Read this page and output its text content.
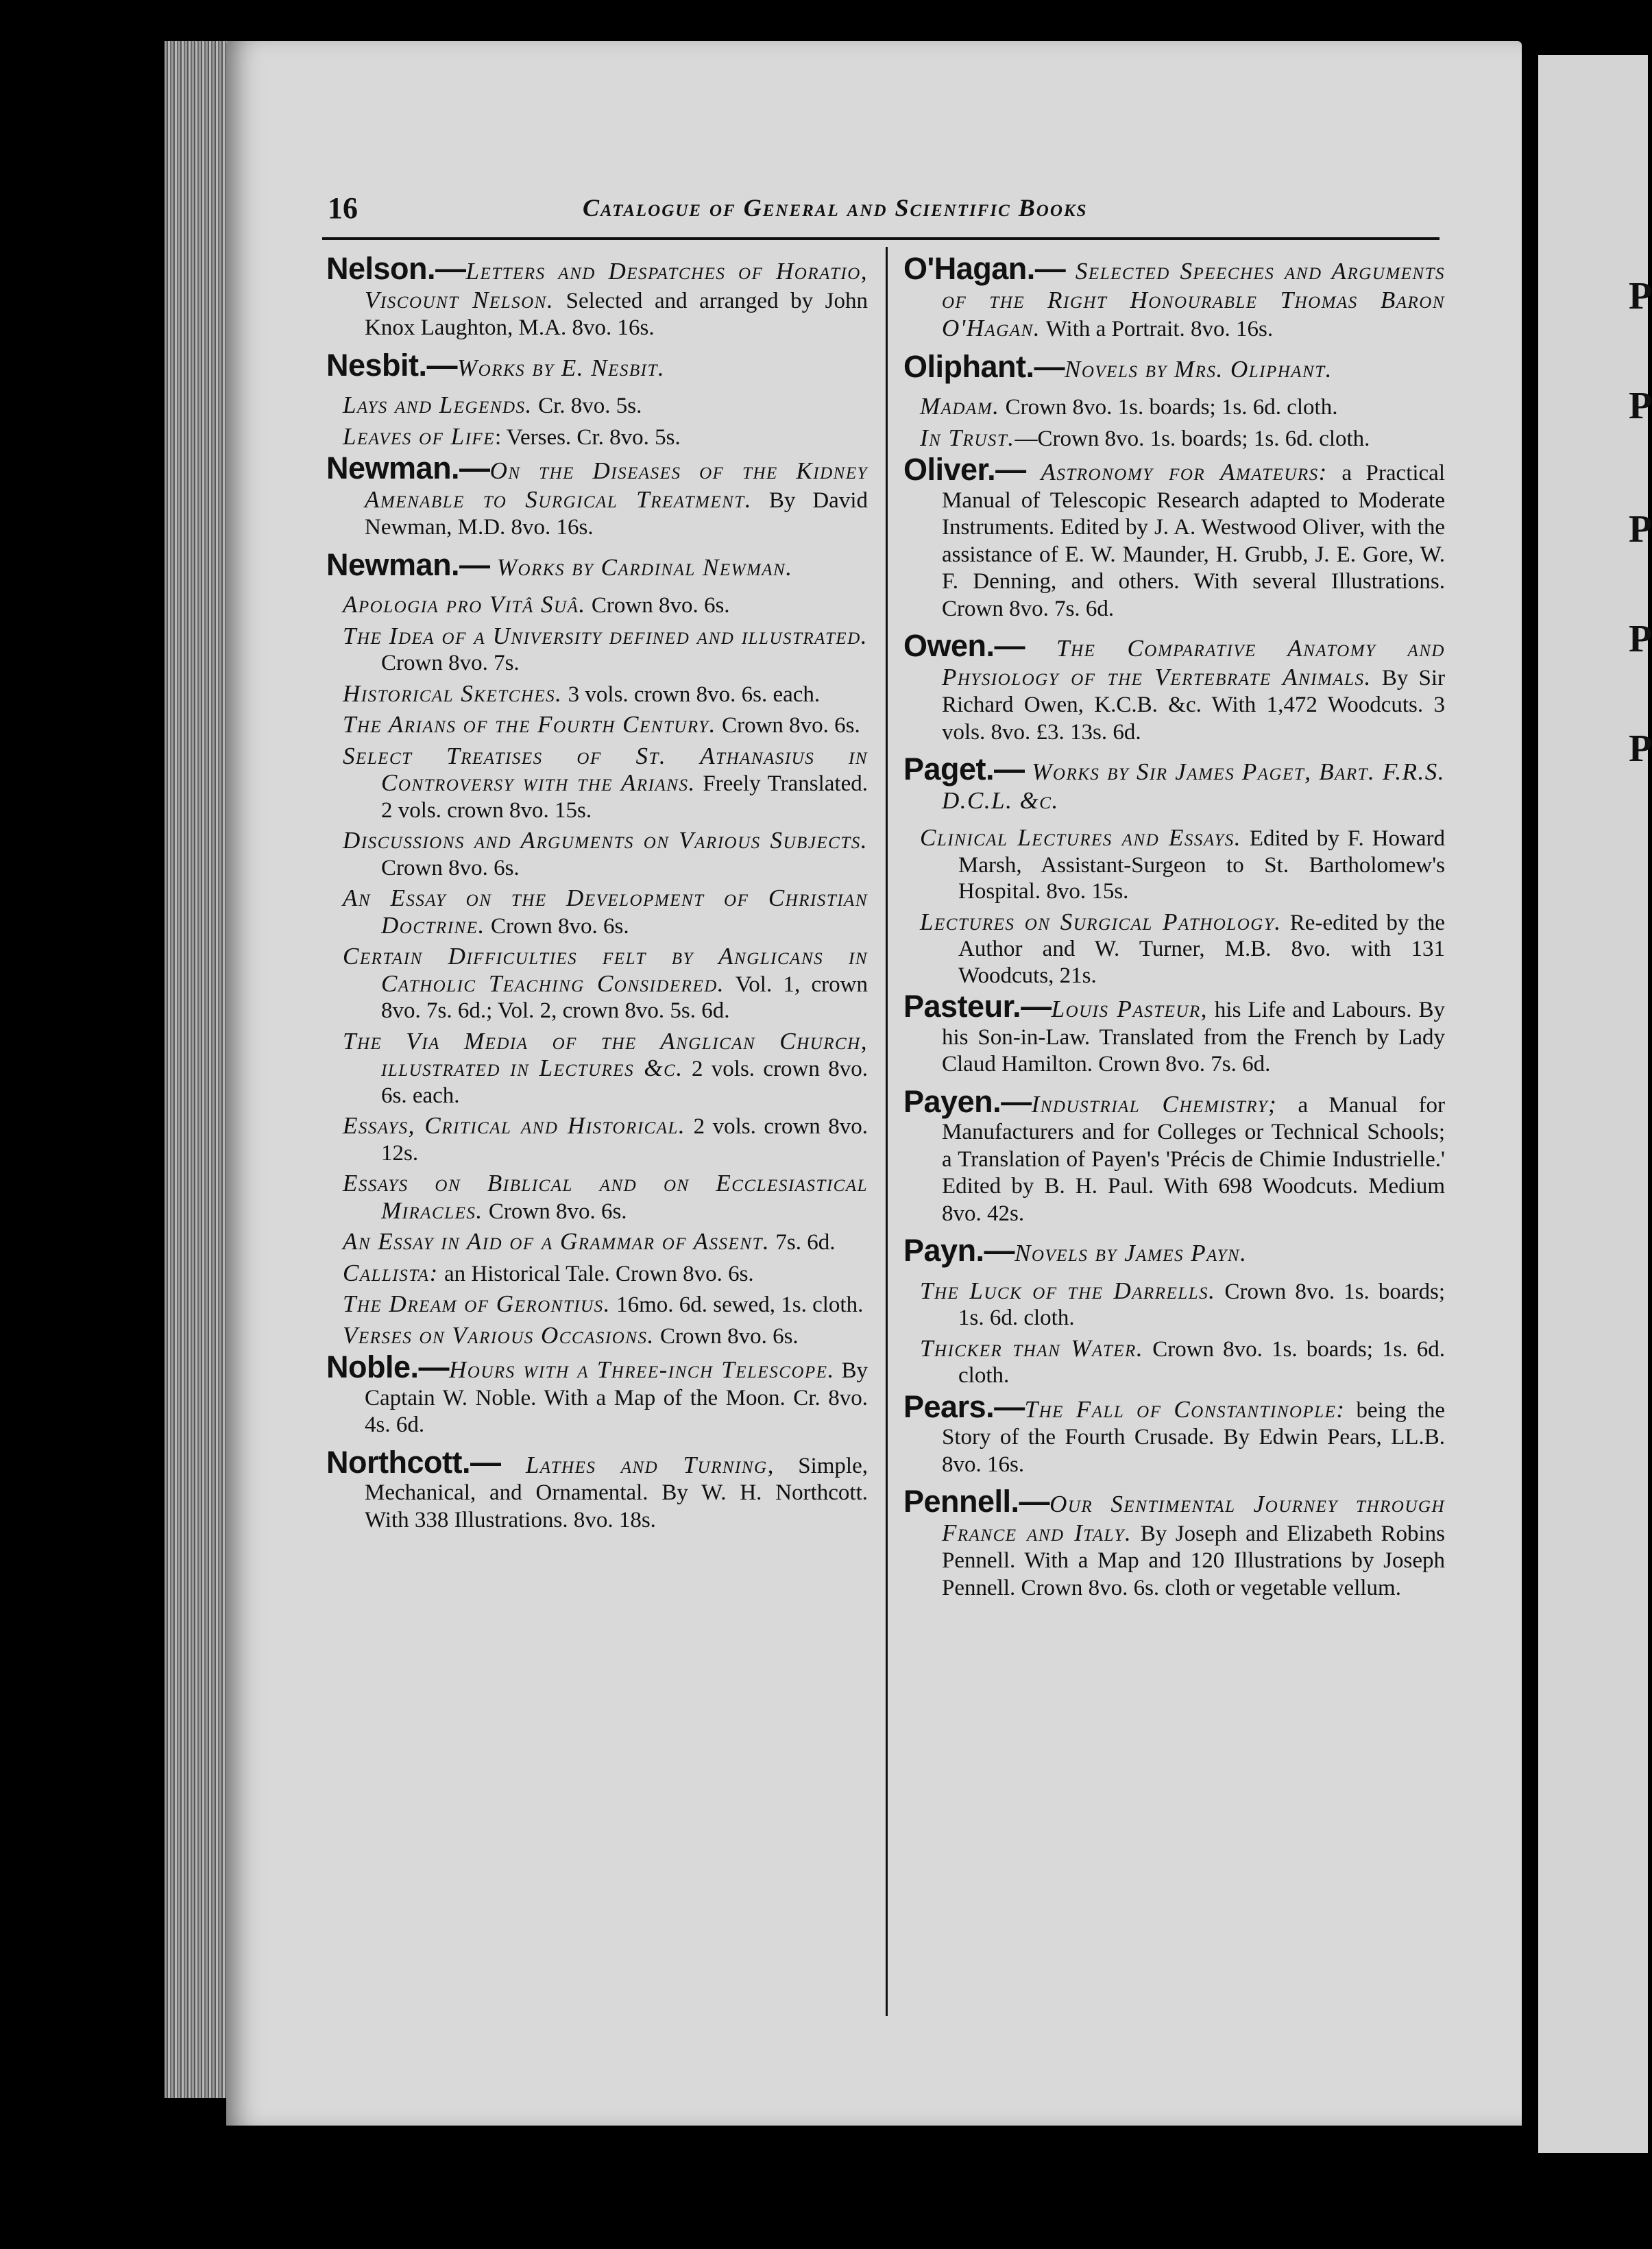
P
P
P
P
P
16	Catalogue of General and Scientific Books
Nelson.—Letters and Despatches of Horatio, Viscount Nelson. Selected and arranged by John Knox Laughton, M.A. 8vo. 16s.
Nesbit.—Works by E. Nesbit.
Lays and Legends. Cr. 8vo. 5s.
Leaves of Life: Verses. Cr. 8vo. 5s.
Newman.—On the Diseases of the Kidney Amenable to Surgical Treatment. By David Newman, M.D. 8vo. 16s.
Newman.— Works by Cardinal Newman.
Apologia pro Vitâ Suâ. Crown 8vo. 6s.
The Idea of a University defined and illustrated. Crown 8vo. 7s.
Historical Sketches. 3 vols. crown 8vo. 6s. each.
The Arians of the Fourth Century. Crown 8vo. 6s.
Select Treatises of St. Athanasius in Controversy with the Arians. Freely Translated. 2 vols. crown 8vo. 15s.
Discussions and Arguments on Various Subjects. Crown 8vo. 6s.
An Essay on the Development of Christian Doctrine. Crown 8vo. 6s.
Certain Difficulties felt by Anglicans in Catholic Teaching Considered. Vol. 1, crown 8vo. 7s. 6d.; Vol. 2, crown 8vo. 5s. 6d.
The Via Media of the Anglican Church, illustrated in Lectures &c. 2 vols. crown 8vo. 6s. each.
Essays, Critical and Historical. 2 vols. crown 8vo. 12s.
Essays on Biblical and on Ecclesiastical Miracles. Crown 8vo. 6s.
An Essay in Aid of a Grammar of Assent. 7s. 6d.
Callista: an Historical Tale. Crown 8vo. 6s.
The Dream of Gerontius. 16mo. 6d. sewed, 1s. cloth.
Verses on Various Occasions. Crown 8vo. 6s.
Noble.—Hours with a Three-inch Telescope. By Captain W. Noble. With a Map of the Moon. Cr. 8vo. 4s. 6d.
Northcott.— Lathes and Turning, Simple, Mechanical, and Ornamental. By W. H. Northcott. With 338 Illustrations. 8vo. 18s.
O'Hagan.— Selected Speeches and Arguments of the Right Honourable Thomas Baron O'Hagan. With a Portrait. 8vo. 16s.
Oliphant.—Novels by Mrs. Oliphant.
Madam. Crown 8vo. 1s. boards; 1s. 6d. cloth.
In Trust.—Crown 8vo. 1s. boards; 1s. 6d. cloth.
Oliver.— Astronomy for Amateurs: a Practical Manual of Telescopic Research adapted to Moderate Instruments. Edited by J. A. Westwood Oliver, with the assistance of E. W. Maunder, H. Grubb, J. E. Gore, W. F. Denning, and others. With several Illustrations. Crown 8vo. 7s. 6d.
Owen.— The Comparative Anatomy and Physiology of the Vertebrate Animals. By Sir Richard Owen, K.C.B. &c. With 1,472 Woodcuts. 3 vols. 8vo. £3. 13s. 6d.
Paget.— Works by Sir James Paget, Bart. F.R.S. D.C.L. &c.
Clinical Lectures and Essays. Edited by F. Howard Marsh, Assistant-Surgeon to St. Bartholomew's Hospital. 8vo. 15s.
Lectures on Surgical Pathology. Re-edited by the Author and W. Turner, M.B. 8vo. with 131 Woodcuts, 21s.
Pasteur.—Louis Pasteur, his Life and Labours. By his Son-in-Law. Translated from the French by Lady Claud Hamilton. Crown 8vo. 7s. 6d.
Payen.—Industrial Chemistry; a Manual for Manufacturers and for Colleges or Technical Schools; a Translation of Payen's 'Précis de Chimie Industrielle.' Edited by B. H. Paul. With 698 Woodcuts. Medium 8vo. 42s.
Payn.—Novels by James Payn.
The Luck of the Darrells. Crown 8vo. 1s. boards; 1s. 6d. cloth.
Thicker than Water. Crown 8vo. 1s. boards; 1s. 6d. cloth.
Pears.—The Fall of Constantinople: being the Story of the Fourth Crusade. By Edwin Pears, LL.B. 8vo. 16s.
Pennell.—Our Sentimental Journey through France and Italy. By Joseph and Elizabeth Robins Pennell. With a Map and 120 Illustrations by Joseph Pennell. Crown 8vo. 6s. cloth or vegetable vellum.
